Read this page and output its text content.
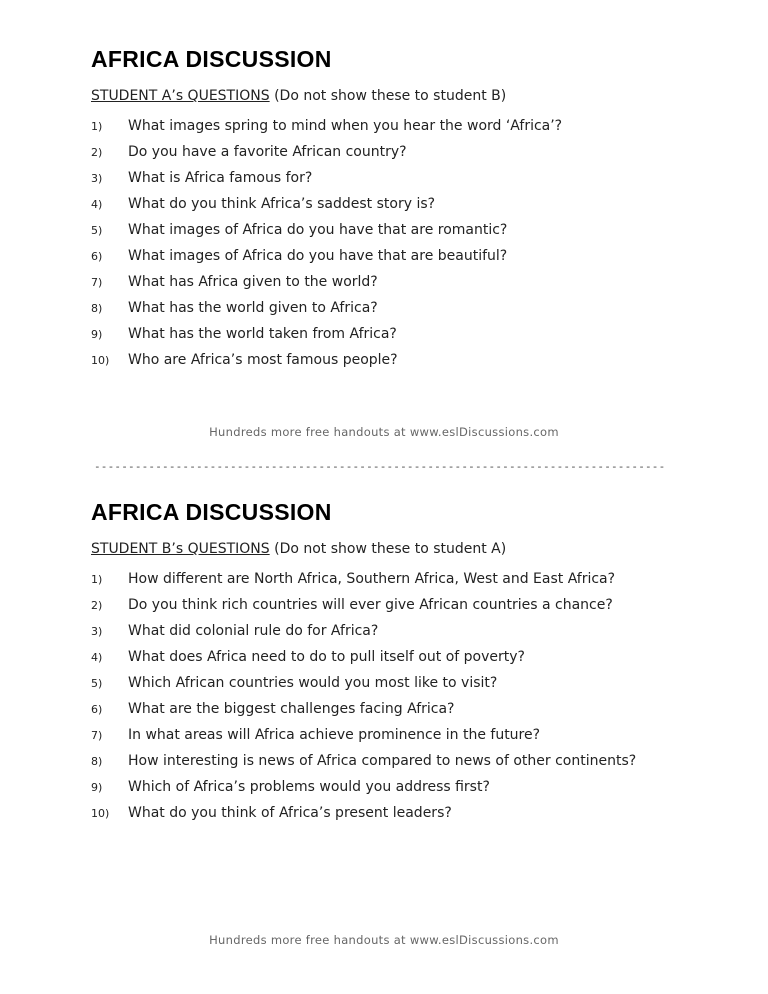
AFRICA DISCUSSION
STUDENT A’s QUESTIONS (Do not show these to student B)
1) What images spring to mind when you hear the word ‘Africa’?
2) Do you have a favorite African country?
3) What is Africa famous for?
4) What do you think Africa’s saddest story is?
5) What images of Africa do you have that are romantic?
6) What images of Africa do you have that are beautiful?
7) What has Africa given to the world?
8) What has the world given to Africa?
9) What has the world taken from Africa?
10) Who are Africa’s most famous people?
Hundreds more free handouts at www.eslDiscussions.com
------------------------------------------------------------------------------------
AFRICA DISCUSSION
STUDENT B’s QUESTIONS (Do not show these to student A)
1) How different are North Africa, Southern Africa, West and East Africa?
2) Do you think rich countries will ever give African countries a chance?
3) What did colonial rule do for Africa?
4) What does Africa need to do to pull itself out of poverty?
5) Which African countries would you most like to visit?
6) What are the biggest challenges facing Africa?
7) In what areas will Africa achieve prominence in the future?
8) How interesting is news of Africa compared to news of other continents?
9) Which of Africa’s problems would you address first?
10) What do you think of Africa’s present leaders?
Hundreds more free handouts at www.eslDiscussions.com
